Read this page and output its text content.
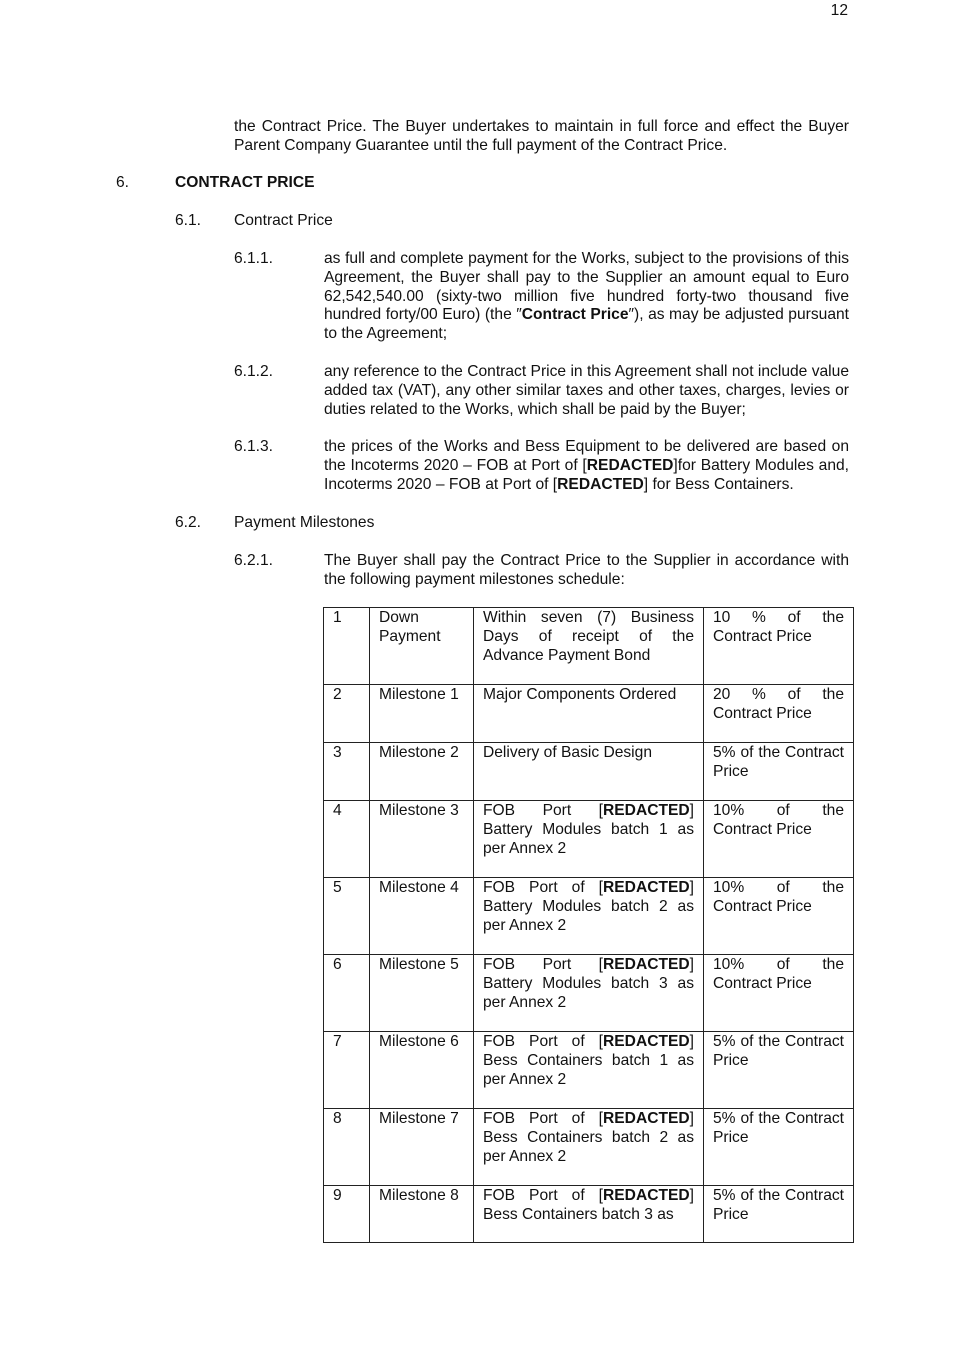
12
the Contract Price. The Buyer undertakes to maintain in full force and effect the Buyer Parent Company Guarantee until the full payment of the Contract Price.
6.	CONTRACT PRICE
6.1. Contract Price
6.1.1.	as full and complete payment for the Works, subject to the provisions of this Agreement, the Buyer shall pay to the Supplier an amount equal to Euro 62,542,540.00 (sixty-two million five hundred forty-two thousand five hundred forty/00 Euro) (the ″Contract Price″), as may be adjusted pursuant to the Agreement;
6.1.2.	any reference to the Contract Price in this Agreement shall not include value added tax (VAT), any other similar taxes and other taxes, charges, levies or duties related to the Works, which shall be paid by the Buyer;
6.1.3.	the prices of the Works and Bess Equipment to be delivered are based on the Incoterms 2020 – FOB at Port of [REDACTED]for Battery Modules and, Incoterms 2020 – FOB at Port of [REDACTED] for Bess Containers.
6.2. Payment Milestones
6.2.1.	The Buyer shall pay the Contract Price to the Supplier in accordance with the following payment milestones schedule:
1	Down Payment	Within seven (7) Business Days of receipt of the Advance Payment Bond	10 % of the Contract Price
2	Milestone 1	Major Components Ordered	20 % of the Contract Price
3	Milestone 2	Delivery of Basic Design	5% of the Contract Price
4	Milestone 3	FOB Port [REDACTED] Battery Modules batch 1 as per Annex 2	10% of the Contract Price
5	Milestone 4	FOB Port of [REDACTED] Battery Modules batch 2 as per Annex 2	10% of the Contract Price
6	Milestone 5	FOB Port [REDACTED] Battery Modules batch 3 as per Annex 2	10% of the Contract Price
7	Milestone 6	FOB Port of [REDACTED] Bess Containers batch 1 as per Annex 2	5% of the Contract Price
8	Milestone 7	FOB Port of [REDACTED] Bess Containers batch 2 as per Annex 2	5% of the Contract Price
9	Milestone 8	FOB Port of [REDACTED] Bess Containers batch 3 as	5% of the Contract Price
